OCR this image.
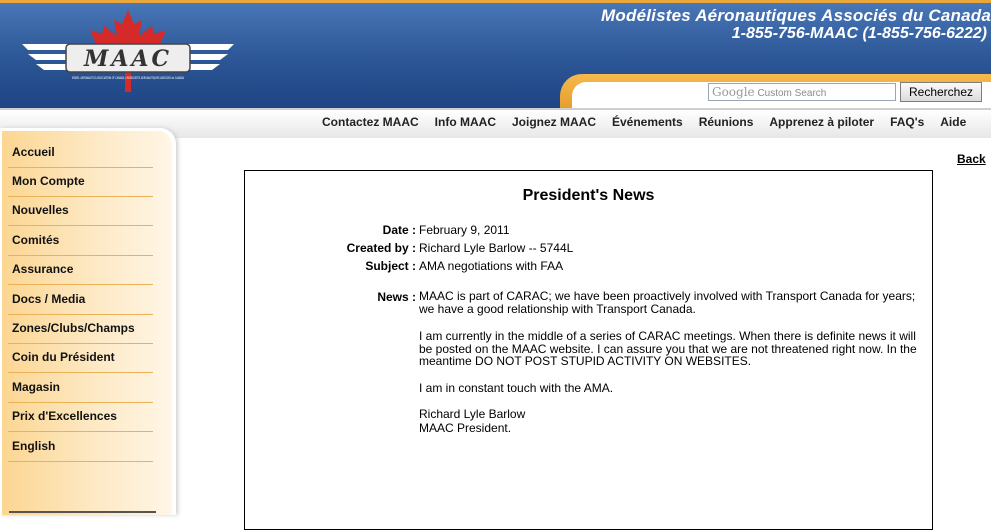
MAAC
MODEL AERONAUTICS ASSOCIATION OF CANADA / MODELISTES AERONAUTIQUES ASSOCIES du CANADA
Modélistes Aéronautiques Associés du Canada
1-855-756-MAAC (1-855-756-6222)
Google Custom Search	Recherchez
Contactez MAAC Info MAAC Joignez MAAC Événements Réunions Apprenez à piloter FAQ's Aide
Accueil
Mon Compte
Nouvelles
Comités
Assurance
Docs / Media
Zones/Clubs/Champs
Coin du Président
Magasin
Prix d'Excellences
English
Back
President's News
Date : February 9, 2011
Created by : Richard Lyle Barlow -- 5744L
Subject : AMA negotiations with FAA
News : MAAC is part of CARAC; we have been proactively involved with Transport Canada for years; we have a good relationship with Transport Canada.
I am currently in the middle of a series of CARAC meetings. When there is definite news it will be posted on the MAAC website. I can assure you that we are not threatened right now. In the meantime DO NOT POST STUPID ACTIVITY ON WEBSITES.
I am in constant touch with the AMA.
Richard Lyle Barlow
MAAC President.
